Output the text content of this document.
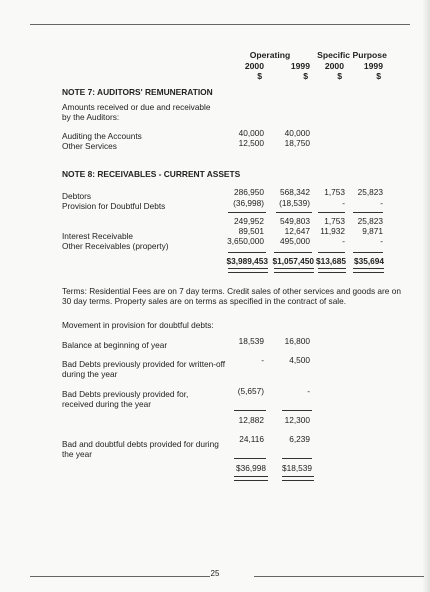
Operating	Specific Purpose
2000	1999	2000	1999
$	$	$	$
NOTE 7: AUDITORS' REMUNERATION
Amounts received or due and receivable
by the Auditors:
Auditing the Accounts	40,000	40,000
Other Services	12,500	18,750
NOTE 8: RECEIVABLES - CURRENT ASSETS
Debtors	286,950	568,342	1,753	25,823
Provision for Doubtful Debts	(36,998)	(18,539)	-	-
249,952	549,803	1,753	25,823
Interest Receivable	89,501	12,647	11,932	9,871
Other Receivables (property)	3,650,000	495,000	-	-
$3,989,453 $1,057,450 $13,685 $35,694
Terms: Residential Fees are on 7 day terms. Credit sales of other services and goods are on
30 day terms. Property sales are on terms as specified in the contract of sale.
Movement in provision for doubtful debts:
Balance at beginning of year	18,539	16,800
Bad Debts previously provided for written-off
during the year
-	4,500
Bad Debts previously provided for,
received during the year
(5,657)	-
12,882	12,300
Bad and doubtful debts provided for during
the year
24,116	6,239
$36,998	$18,539
25
